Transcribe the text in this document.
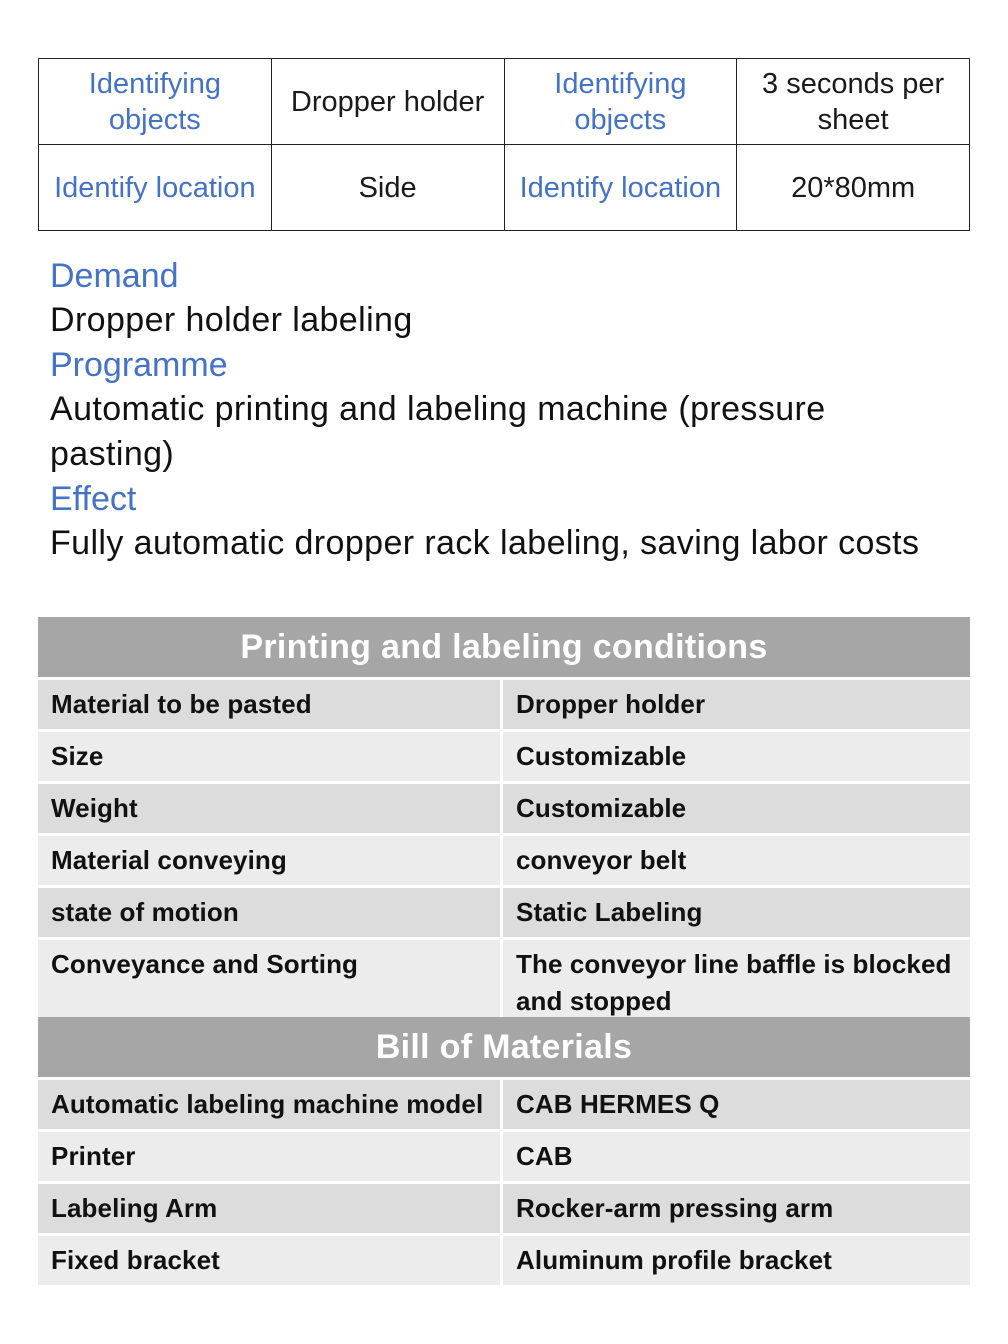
Identifying objects	Dropper holder	Identifying objects	3 seconds per sheet
Identify location	Side	Identify location	20*80mm
Demand
Dropper holder labeling
Programme
Automatic printing and labeling machine (pressure pasting)
Effect
Fully automatic dropper rack labeling, saving labor costs
Printing and labeling conditions	
Material to be pasted	Dropper holder
Size	Customizable
Weight	Customizable
Material conveying	conveyor belt
state of motion	Static Labeling
Conveyance and Sorting	The conveyor line baffle is blocked and stopped
Bill of Materials	
Automatic labeling machine model	CAB HERMES Q
Printer	CAB
Labeling Arm	Rocker-arm pressing arm
Fixed bracket	Aluminum profile bracket
